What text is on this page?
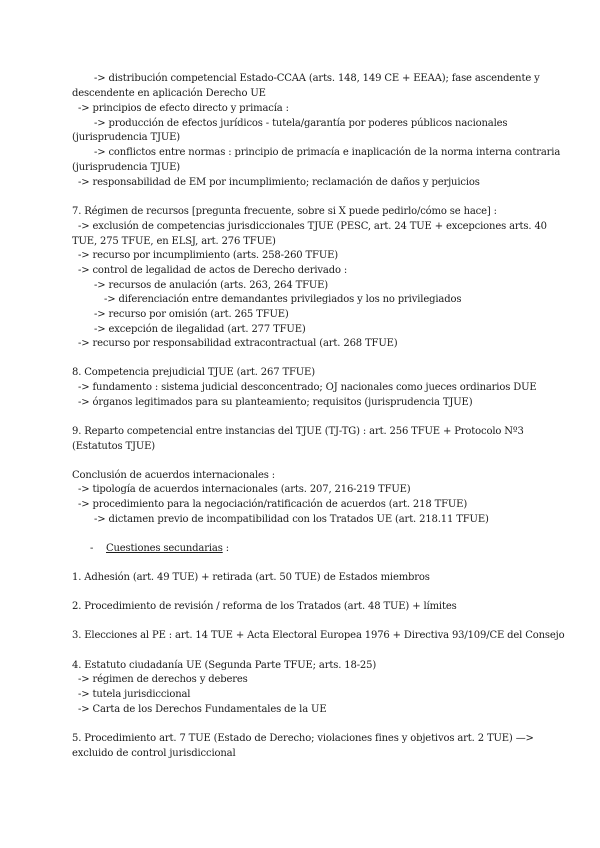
-> distribución competencial Estado-CCAA (arts. 148, 149 CE + EEAA); fase ascendente y
descendente en aplicación Derecho UE
-> principios de efecto directo y primacía :
-> producción de efectos jurídicos - tutela/garantía por poderes públicos nacionales
(jurisprudencia TJUE)
-> conflictos entre normas : principio de primacía e inaplicación de la norma interna contraria
(jurisprudencia TJUE)
-> responsabilidad de EM por incumplimiento; reclamación de daños y perjuicios
7. Régimen de recursos [pregunta frecuente, sobre si X puede pedirlo/cómo se hace] :
-> exclusión de competencias jurisdiccionales TJUE (PESC, art. 24 TUE + excepciones arts. 40
TUE, 275 TFUE, en ELSJ, art. 276 TFUE)
-> recurso por incumplimiento (arts. 258-260 TFUE)
-> control de legalidad de actos de Derecho derivado :
-> recursos de anulación (arts. 263, 264 TFUE)
-> diferenciación entre demandantes privilegiados y los no privilegiados
-> recurso por omisión (art. 265 TFUE)
-> excepción de ilegalidad (art. 277 TFUE)
-> recurso por responsabilidad extracontractual (art. 268 TFUE)
8. Competencia prejudicial TJUE (art. 267 TFUE)
-> fundamento : sistema judicial desconcentrado; OJ nacionales como jueces ordinarios DUE
-> órganos legitimados para su planteamiento; requisitos (jurisprudencia TJUE)
9. Reparto competencial entre instancias del TJUE (TJ-TG) : art. 256 TFUE + Protocolo Nº3
(Estatutos TJUE)
Conclusión de acuerdos internacionales :
-> tipología de acuerdos internacionales (arts. 207, 216-219 TFUE)
-> procedimiento para la negociación/ratificación de acuerdos (art. 218 TFUE)
-> dictamen previo de incompatibilidad con los Tratados UE (art. 218.11 TFUE)
- Cuestiones secundarias :
1. Adhesión (art. 49 TUE) + retirada (art. 50 TUE) de Estados miembros
2. Procedimiento de revisión / reforma de los Tratados (art. 48 TUE) + límites
3. Elecciones al PE : art. 14 TUE + Acta Electoral Europea 1976 + Directiva 93/109/CE del Consejo
4. Estatuto ciudadanía UE (Segunda Parte TFUE; arts. 18-25)
-> régimen de derechos y deberes
-> tutela jurisdiccional
-> Carta de los Derechos Fundamentales de la UE
5. Procedimiento art. 7 TUE (Estado de Derecho; violaciones fines y objetivos art. 2 TUE) —>
excluido de control jurisdiccional
